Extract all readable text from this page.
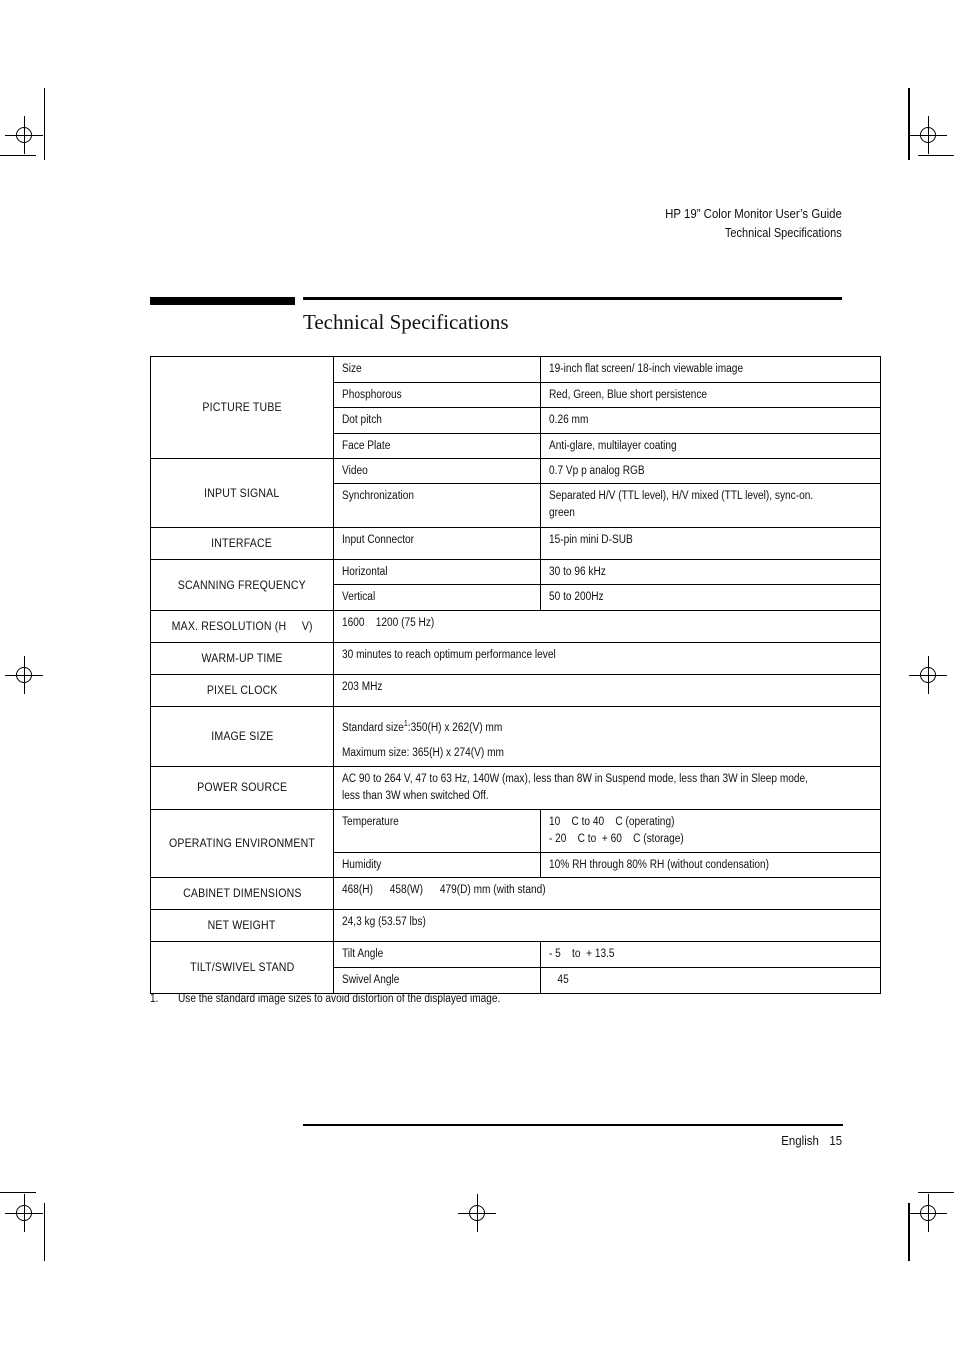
HP 19” Color Monitor User’s Guide
Technical Specifications
Technical Specifications
PICTURE TUBE	Size	19-inch flat screen/ 18-inch viewable image
	Phosphorous	Red, Green, Blue short persistence
	Dot pitch	0.26 mm
	Face Plate	Anti-glare, multilayer coating
INPUT SIGNAL	Video	0.7 Vp p analog RGB
	Synchronization	Separated H/V (TTL level), H/V mixed (TTL level), sync-on.
green
INTERFACE	Input Connector	15-pin mini D-SUB
SCANNING FREQUENCY	Horizontal	30 to 96 kHz
	Vertical	50 to 200Hz
MAX. RESOLUTION (H     V)	1600    1200 (75 Hz)	
WARM-UP TIME	30 minutes to reach optimum performance level	
PIXEL CLOCK	203 MHz	
IMAGE SIZE	Standard size$^1$:350(H) x 262(V) mm
Maximum size: 365(H) x 274(V) mm	
POWER SOURCE	AC 90 to 264 V, 47 to 63 Hz, 140W (max), less than 8W in Suspend mode, less than 3W in Sleep mode,
less than 3W when switched Off.	
OPERATING ENVIRONMENT	Temperature	10    C to 40    C (operating)
- 20    C to  + 60    C (storage)
	Humidity	10% RH through 80% RH (without condensation)
CABINET DIMENSIONS	468(H)      458(W)      479(D) mm (with stand)	
NET WEIGHT	24,3 kg (53.57 lbs)	
TILT/SWIVEL STAND	Tilt Angle	- 5    to  + 13.5
	Swivel Angle	45
1. Use the standard image sizes to avoid distortion of the displayed image.
English 15
